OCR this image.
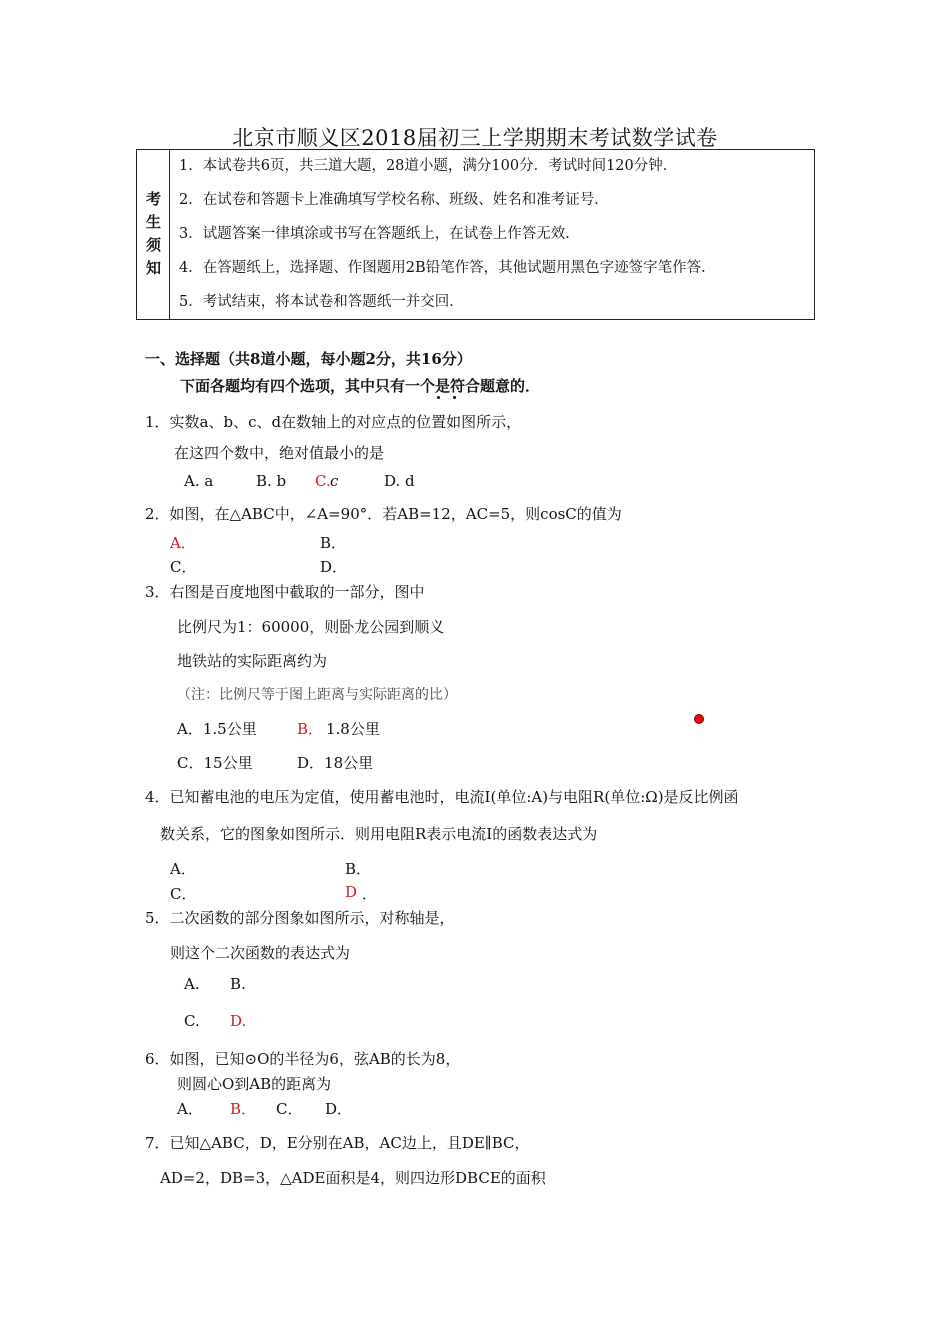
北京市顺义区2018届初三上学期期末考试数学试卷
考
生
须
知
1．本试卷共6页，共三道大题，28道小题，满分100分．考试时间120分钟．
2．在试卷和答题卡上准确填写学校名称、班级、姓名和准考证号．
3．试题答案一律填涂或书写在答题纸上，在试卷上作答无效．
4．在答题纸上，选择题、作图题用2B铅笔作答，其他试题用黑色字迹签字笔作答．
5．考试结束，将本试卷和答题纸一并交回．
一、选择题（共8道小题，每小题2分，共16分）
下面各题均有四个选项，其中只有一个是符合题意的．
1．实数a、b、c、d在数轴上的对应点的位置如图所示，
在这四个数中，绝对值最小的是
A. a	B. b C. c	D. d
2．如图，在△ABC中，∠A=90°．若AB=12，AC=5，则cosC的值为
A．	B．
C．	D．
3．右图是百度地图中截取的一部分，图中
比例尺为1：60000，则卧龙公园到顺义
地铁站的实际距离约为
（注：比例尺等于图上距离与实际距离的比）
A．1.5公里	B． 1.8公里
C．15公里	D．18公里
4．已知蓄电池的电压为定值，使用蓄电池时，电流I(单位:A)与电阻R(单位:Ω)是反比例函
数关系，它的图象如图所示．则用电阻R表示电流I的函数表达式为
A．	B．
C．	D ．
5．二次函数的部分图象如图所示，对称轴是，
则这个二次函数的表达式为
A. B.
C. D.
6．如图，已知⊙O的半径为6，弦AB的长为8，
则圆心O到AB的距离为
A． B． C． D．
7．已知△ABC，D，E分别在AB，AC边上，且DE∥BC，
AD=2，DB=3，△ADE面积是4，则四边形DBCE的面积
